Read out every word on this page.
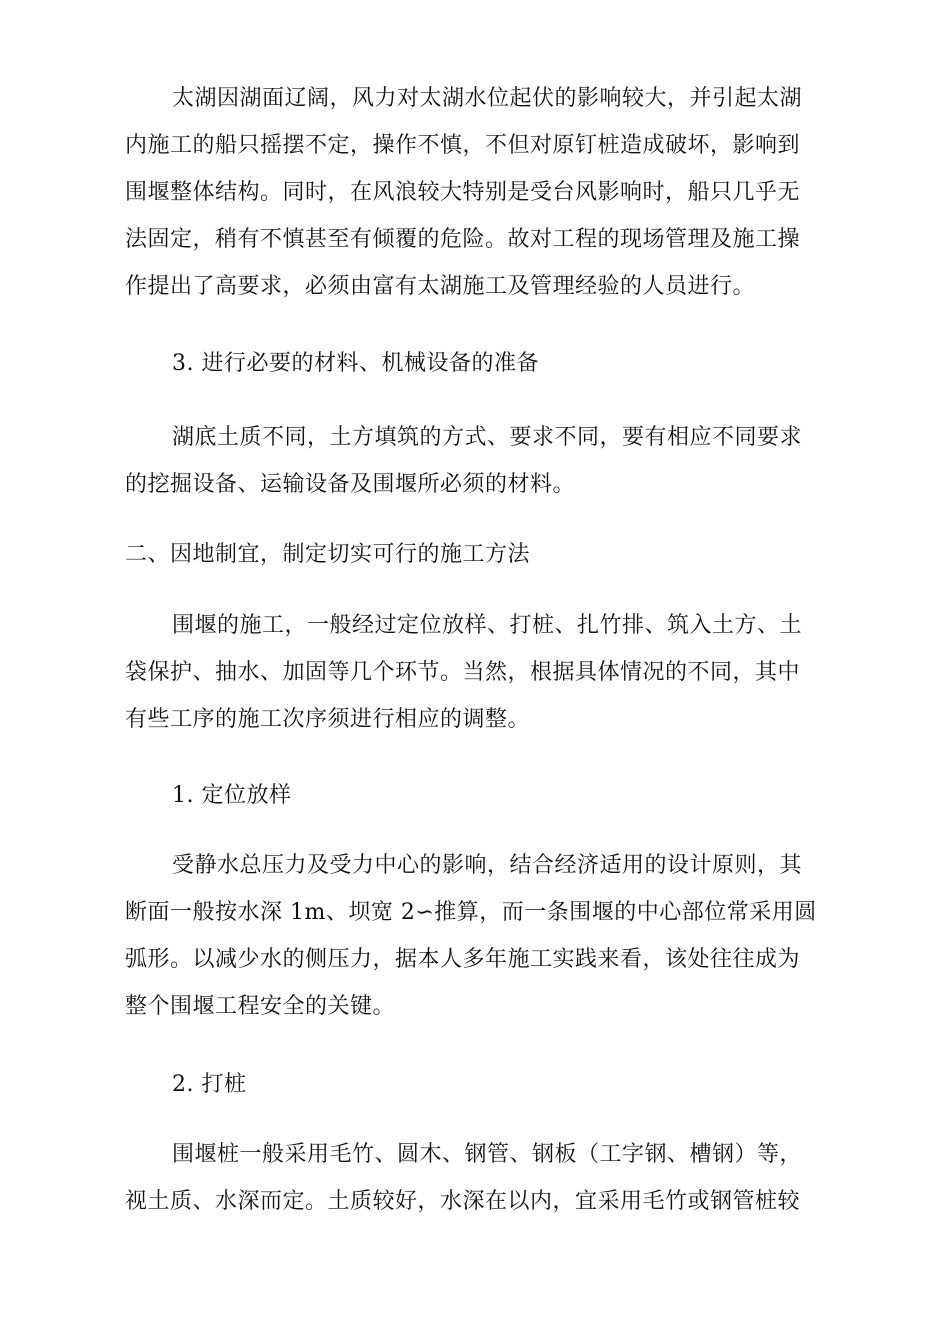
太湖因湖面辽阔，风力对太湖水位起伏的影响较大，并引起太湖
内施工的船只摇摆不定，操作不慎，不但对原钉桩造成破坏，影响到
围堰整体结构。同时，在风浪较大特别是受台风影响时，船只几乎无
法固定，稍有不慎甚至有倾覆的危险。故对工程的现场管理及施工操
作提出了高要求，必须由富有太湖施工及管理经验的人员进行。
3. 进行必要的材料、机械设备的准备
湖底土质不同，土方填筑的方式、要求不同，要有相应不同要求
的挖掘设备、运输设备及围堰所必须的材料。
二、因地制宜，制定切实可行的施工方法
围堰的施工，一般经过定位放样、打桩、扎竹排、筑入土方、土
袋保护、抽水、加固等几个环节。当然，根据具体情况的不同，其中
有些工序的施工次序须进行相应的调整。
1. 定位放样
受静水总压力及受力中心的影响，结合经济适用的设计原则，其
断面一般按水深 1m、坝宽 2∽推算，而一条围堰的中心部位常采用圆
弧形。以减少水的侧压力，据本人多年施工实践来看，该处往往成为
整个围堰工程安全的关键。
2. 打桩
围堰桩一般采用毛竹、圆木、钢管、钢板（工字钢、槽钢）等，
视土质、水深而定。土质较好，水深在以内，宜采用毛竹或钢管桩较
